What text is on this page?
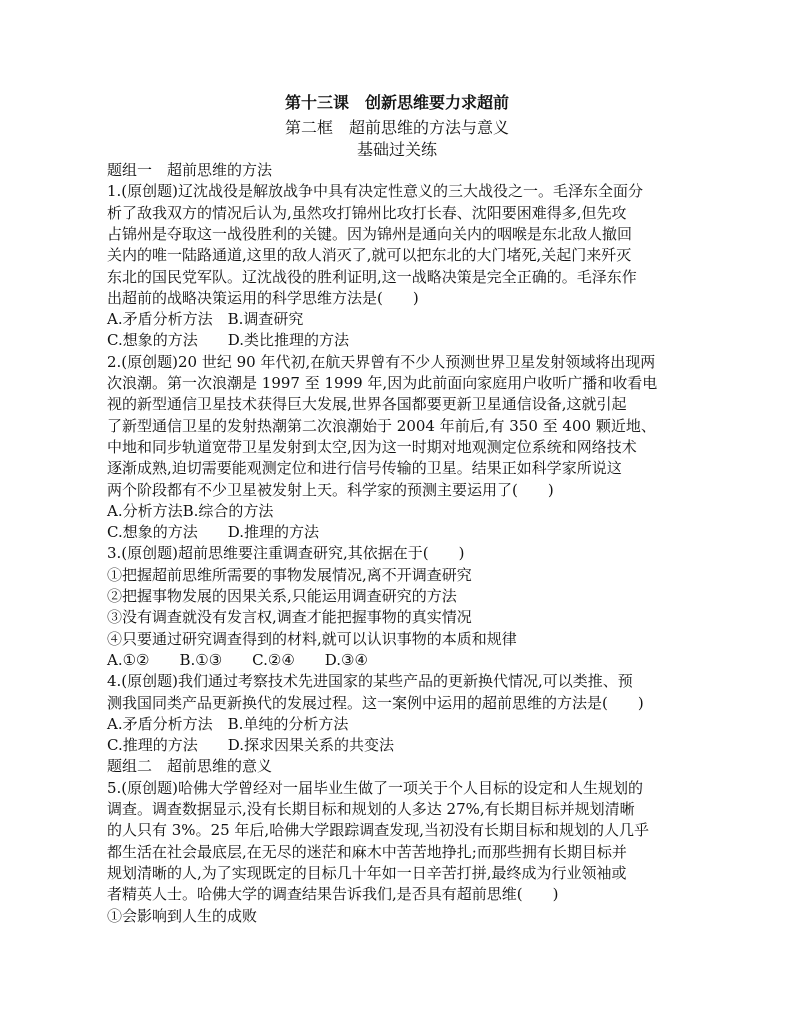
第十三课　创新思维要力求超前
第二框　超前思维的方法与意义
基础过关练
题组一　超前思维的方法
1.(原创题)辽沈战役是解放战争中具有决定性意义的三大战役之一。毛泽东全面分
析了敌我双方的情况后认为,虽然攻打锦州比攻打长春、沈阳要困难得多,但先攻
占锦州是夺取这一战役胜利的关键。因为锦州是通向关内的咽喉是东北敌人撤回
关内的唯一陆路通道,这里的敌人消灭了,就可以把东北的大门堵死,关起门来歼灭
东北的国民党军队。辽沈战役的胜利证明,这一战略决策是完全正确的。毛泽东作
出超前的战略决策运用的科学思维方法是(　　)
A.矛盾分析方法　B.调查研究
C.想象的方法　　D.类比推理的方法
2.(原创题)20 世纪 90 年代初,在航天界曾有不少人预测世界卫星发射领域将出现两
次浪潮。第一次浪潮是 1997 至 1999 年,因为此前面向家庭用户收听广播和收看电
视的新型通信卫星技术获得巨大发展,世界各国都要更新卫星通信设备,这就引起
了新型通信卫星的发射热潮第二次浪潮始于 2004 年前后,有 350 至 400 颗近地、
中地和同步轨道宽带卫星发射到太空,因为这一时期对地观测定位系统和网络技术
逐渐成熟,迫切需要能观测定位和进行信号传输的卫星。结果正如科学家所说这
两个阶段都有不少卫星被发射上天。科学家的预测主要运用了(　　)
A.分析方法B.综合的方法
C.想象的方法　　D.推理的方法
3.(原创题)超前思维要注重调查研究,其依据在于(　　)
①把握超前思维所需要的事物发展情况,离不开调查研究
②把握事物发展的因果关系,只能运用调查研究的方法
③没有调查就没有发言权,调查才能把握事物的真实情况
④只要通过研究调查得到的材料,就可以认识事物的本质和规律
A.①②　　B.①③　　C.②④　　D.③④
4.(原创题)我们通过考察技术先进国家的某些产品的更新换代情况,可以类推、预
测我国同类产品更新换代的发展过程。这一案例中运用的超前思维的方法是(　　)
A.矛盾分析方法　B.单纯的分析方法
C.推理的方法　　D.探求因果关系的共变法
题组二　超前思维的意义
5.(原创题)哈佛大学曾经对一届毕业生做了一项关于个人目标的设定和人生规划的
调查。调查数据显示,没有长期目标和规划的人多达 27%,有长期目标并规划清晰
的人只有 3%。25 年后,哈佛大学跟踪调查发现,当初没有长期目标和规划的人几乎
都生活在社会最底层,在无尽的迷茫和麻木中苦苦地挣扎;而那些拥有长期目标并
规划清晰的人,为了实现既定的目标几十年如一日辛苦打拼,最终成为行业领袖或
者精英人士。哈佛大学的调查结果告诉我们,是否具有超前思维(　　)
①会影响到人生的成败
